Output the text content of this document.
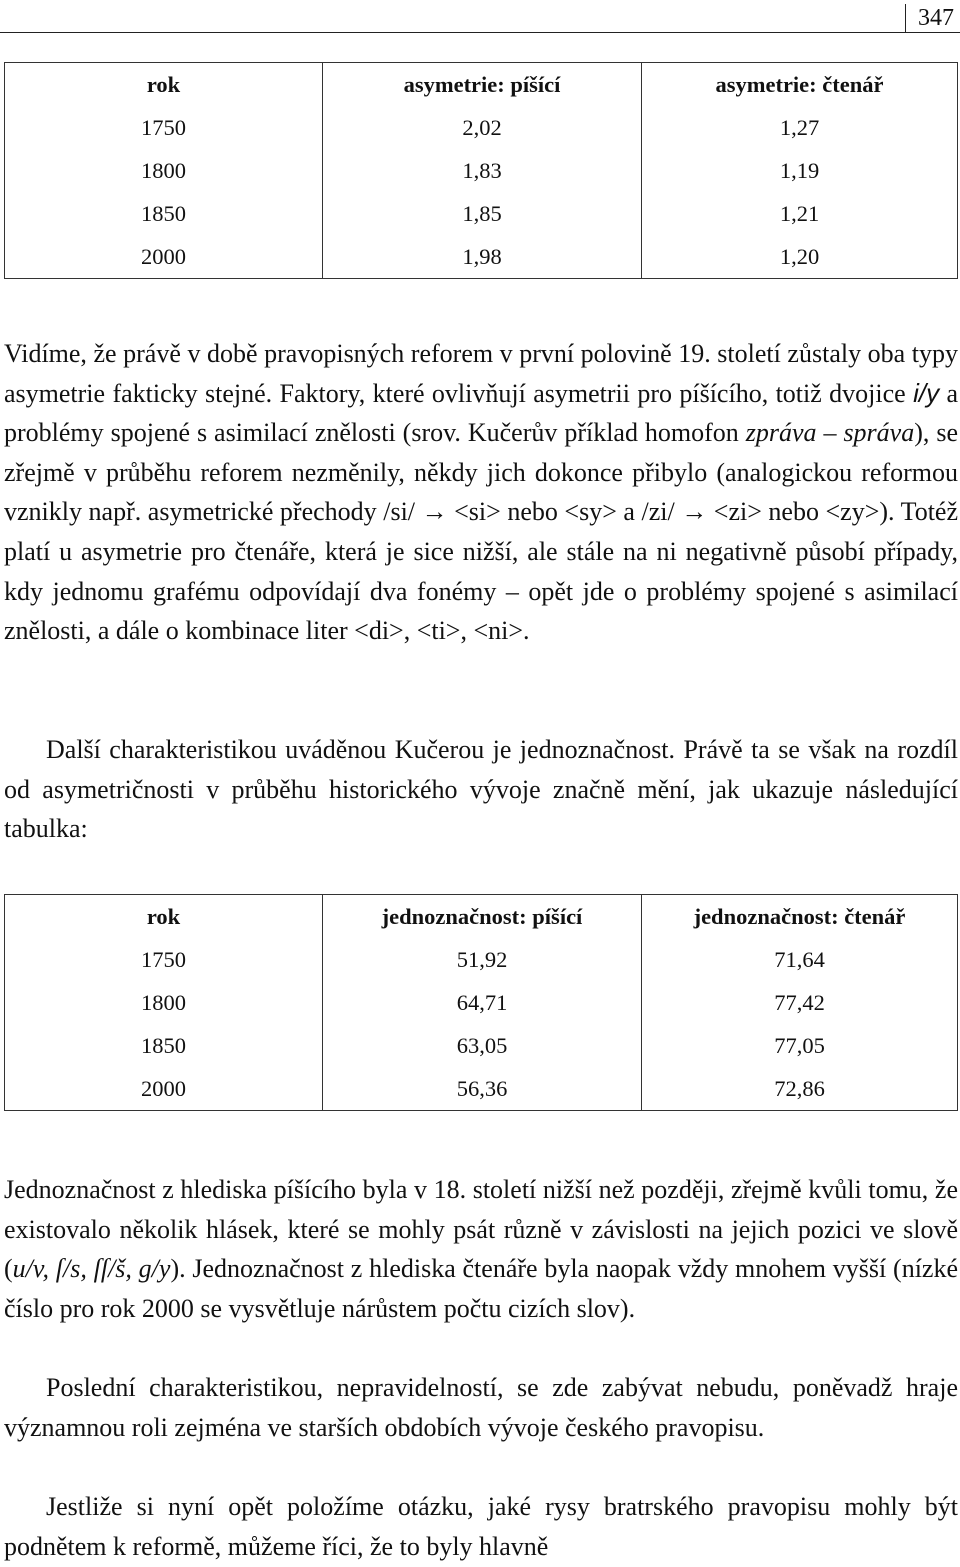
347
rok	asymetrie: píšící	asymetrie: čtenář
1750	2,02	1,27
1800	1,83	1,19
1850	1,85	1,21
2000	1,98	1,20

Vidíme, že právě v době pravopisných reforem v první polovině 19. století zůstaly oba typy asymetrie fakticky stejné. Faktory, které ovlivňují asymetrii pro píšícího, totiž dvojice i/y a problémy spojené s asimilací znělosti (srov. Kučerův příklad homofon zpráva – správa), se zřejmě v průběhu reforem nezměnily, někdy jich dokonce přibylo (analogickou reformou vznikly např. asymetrické přechody /si/ → <si> nebo <sy> a /zi/ → <zi> nebo <zy>). Totéž platí u asymetrie pro čtenáře, která je sice nižší, ale stále na ni negativně působí případy, kdy jednomu grafému odpovídají dva fonémy – opět jde o problémy spojené s asimilací znělosti, a dále o kombinace liter <di>, <ti>, <ni>.

Další charakteristikou uváděnou Kučerou je jednoznačnost. Právě ta se však na rozdíl od asymetričnosti v průběhu historického vývoje značně mění, jak ukazuje následující tabulka:

rok	jednoznačnost: píšící	jednoznačnost: čtenář
1750	51,92	71,64
1800	64,71	77,42
1850	63,05	77,05
2000	56,36	72,86

Jednoznačnost z hlediska píšícího byla v 18. století nižší než později, zřejmě kvůli tomu, že existovalo několik hlásek, které se mohly psát různě v závislosti na jejich pozici ve slově (u/v, ſ/s, ſſ/š, g/y). Jednoznačnost z hlediska čtenáře byla naopak vždy mnohem vyšší (nízké číslo pro rok 2000 se vysvětluje nárůstem počtu cizích slov).

Poslední charakteristikou, nepravidelností, se zde zabývat nebudu, poněvadž hraje významnou roli zejména ve starších obdobích vývoje českého pravopisu.

Jestliže si nyní opět položíme otázku, jaké rysy bratrského pravopisu mohly být podnětem k reformě, můžeme říci, že to byly hlavně
